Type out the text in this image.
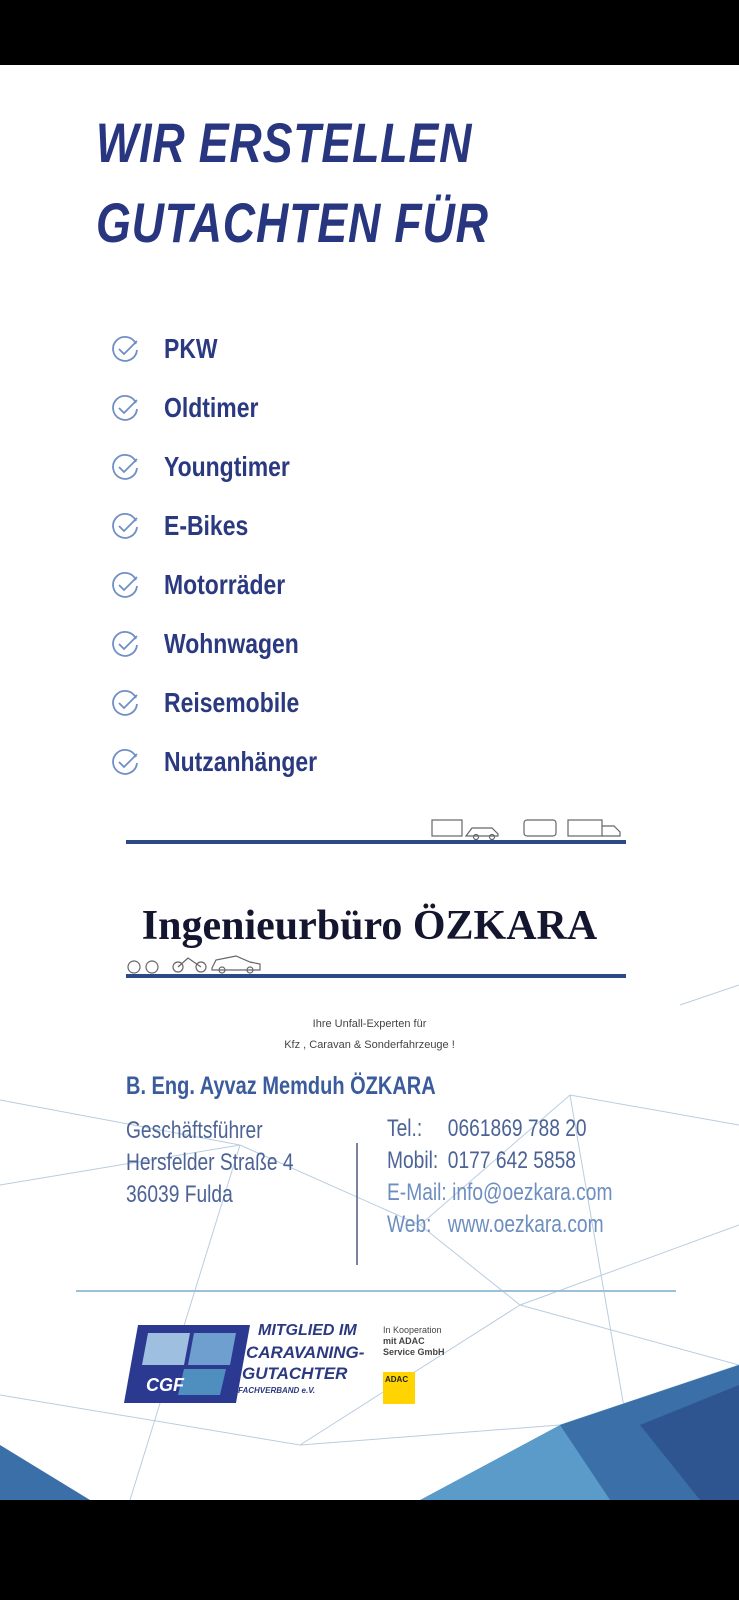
WIR ERSTELLEN
GUTACHTEN FÜR
PKW
Oldtimer
Youngtimer
E-Bikes
Motorräder
Wohnwagen
Reisemobile
Nutzanhänger
Ingenieurbüro ÖZKARA
Ihre Unfall-Experten für
Kfz , Caravan & Sonderfahrzeuge !
B. Eng. Ayvaz Memduh ÖZKARA
Geschäftsführer
Hersfelder Straße 4
36039 Fulda
Tel.: 0661869 788 20
Mobil: 0177 642 5858
E-Mail: info@oezkara.com
Web: www.oezkara.com
CGF
MITGLIED IM
CARAVANING-
GUTACHTER
FACHVERBAND e.V.
In Kooperation
mit ADAC
Service GmbH
ADAC
